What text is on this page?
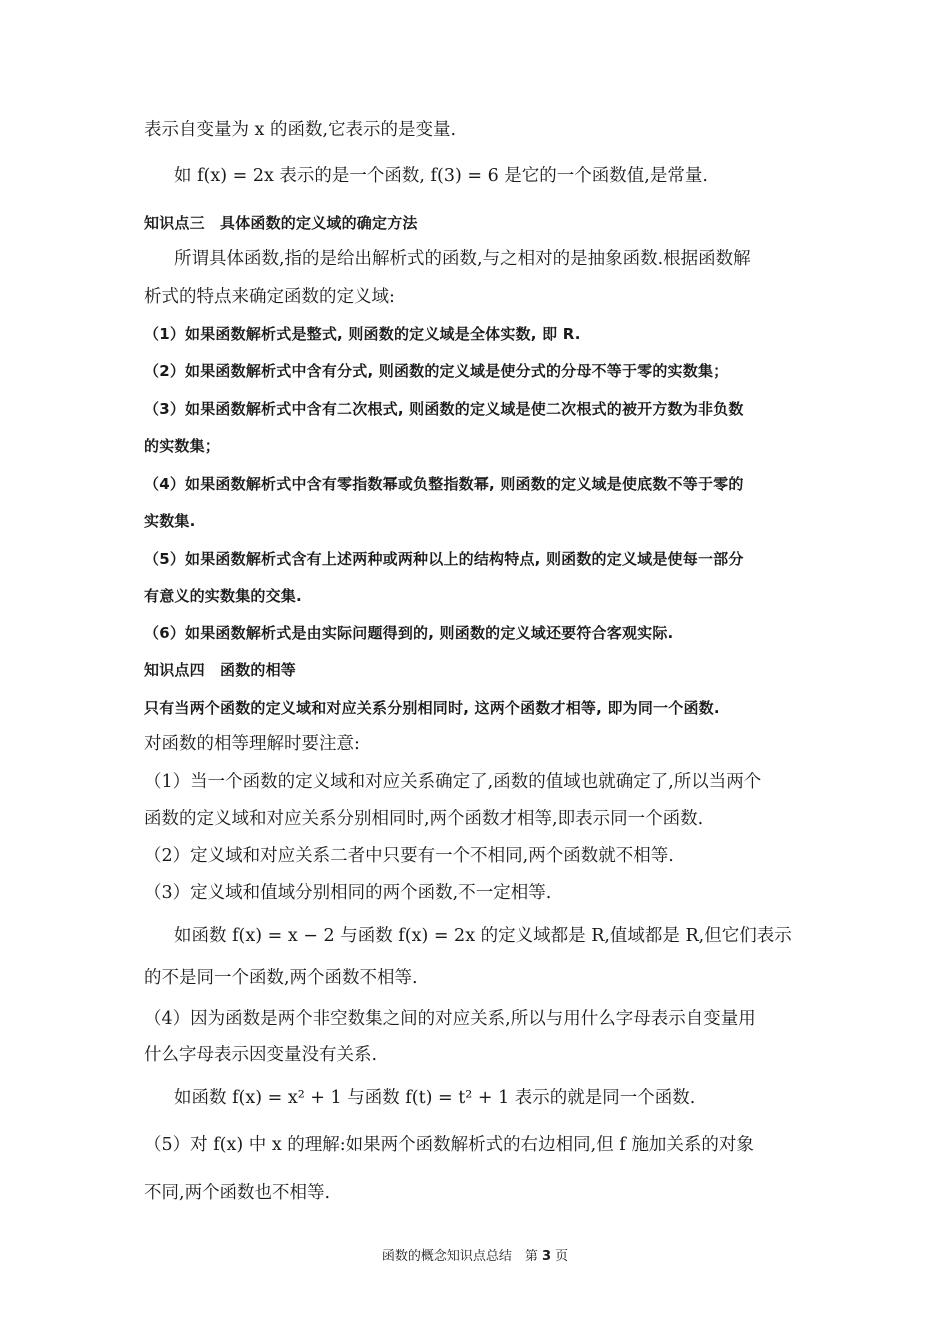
表示自变量为 x 的函数,它表示的是变量.
如 f(x) = 2x 表示的是一个函数, f(3) = 6 是它的一个函数值,是常量.
知识点三　具体函数的定义域的确定方法
所谓具体函数,指的是给出解析式的函数,与之相对的是抽象函数.根据函数解
析式的特点来确定函数的定义域:
（1）如果函数解析式是整式, 则函数的定义域是全体实数, 即 R.
（2）如果函数解析式中含有分式, 则函数的定义域是使分式的分母不等于零的实数集；
（3）如果函数解析式中含有二次根式, 则函数的定义域是使二次根式的被开方数为非负数
的实数集；
（4）如果函数解析式中含有零指数幂或负整指数幂, 则函数的定义域是使底数不等于零的
实数集.
（5）如果函数解析式含有上述两种或两种以上的结构特点, 则函数的定义域是使每一部分
有意义的实数集的交集.
（6）如果函数解析式是由实际问题得到的, 则函数的定义域还要符合客观实际.
知识点四　函数的相等
只有当两个函数的定义域和对应关系分别相同时, 这两个函数才相等, 即为同一个函数.
对函数的相等理解时要注意:
（1）当一个函数的定义域和对应关系确定了,函数的值域也就确定了,所以当两个
函数的定义域和对应关系分别相同时,两个函数才相等,即表示同一个函数.
（2）定义域和对应关系二者中只要有一个不相同,两个函数就不相等.
（3）定义域和值域分别相同的两个函数,不一定相等.
如函数 f(x) = x − 2 与函数 f(x) = 2x 的定义域都是 R,值域都是 R,但它们表示
的不是同一个函数,两个函数不相等.
（4）因为函数是两个非空数集之间的对应关系,所以与用什么字母表示自变量用
什么字母表示因变量没有关系.
如函数 f(x) = x² + 1 与函数 f(t) = t² + 1 表示的就是同一个函数.
（5）对 f(x) 中 x 的理解:如果两个函数解析式的右边相同,但 f 施加关系的对象
不同,两个函数也不相等.
函数的概念知识点总结　第 3 页
